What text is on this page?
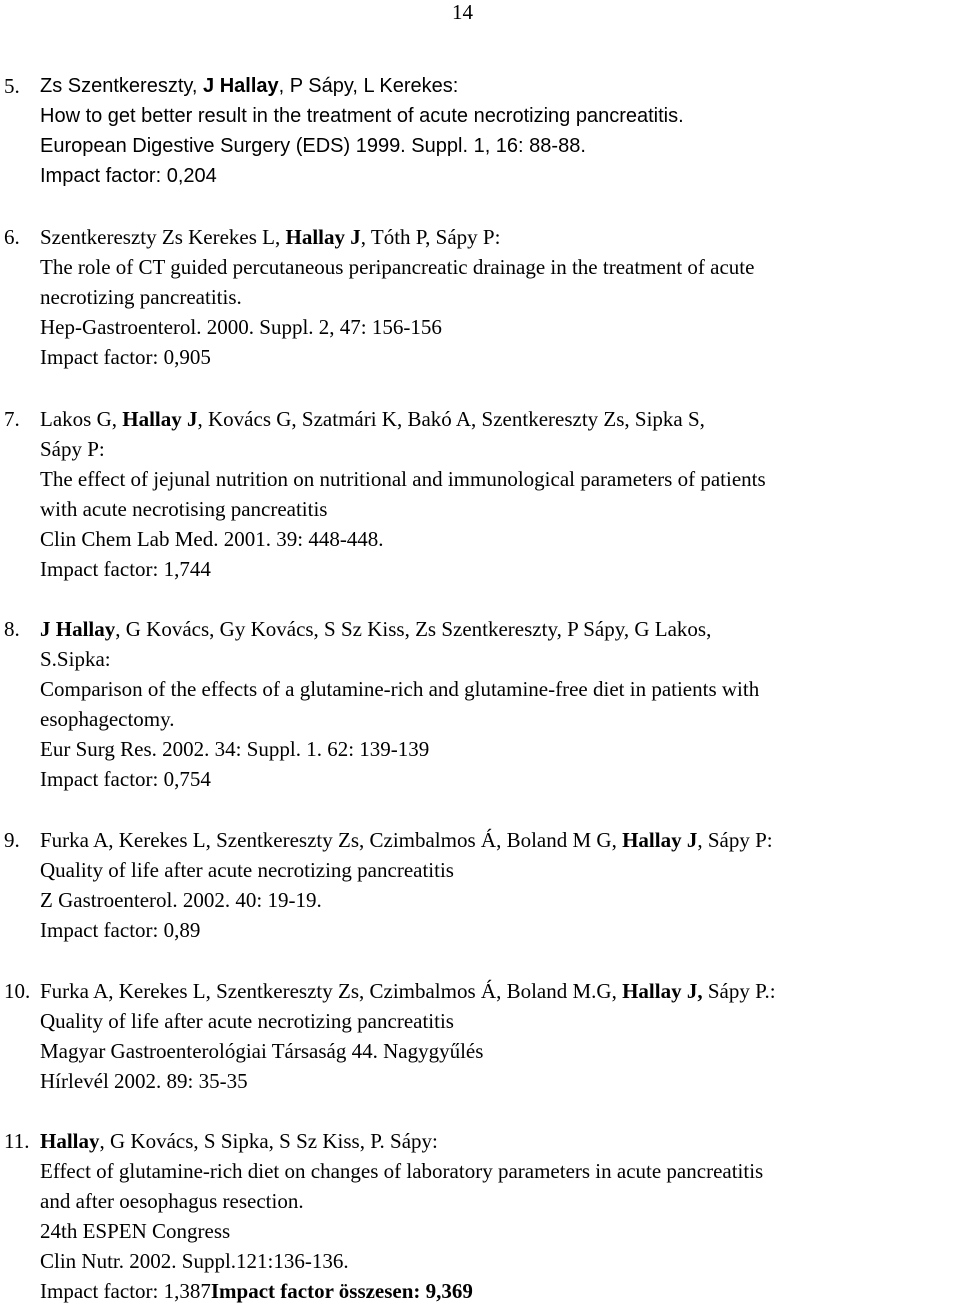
14
5. Zs Szentkereszty, J Hallay, P Sápy, L Kerekes:
How to get better result in the treatment of acute necrotizing pancreatitis.
European Digestive Surgery (EDS) 1999. Suppl. 1, 16: 88-88.
Impact factor: 0,204
6. Szentkereszty Zs Kerekes L, Hallay J, Tóth P, Sápy P:
The role of CT guided percutaneous peripancreatic drainage in the treatment of acute
necrotizing pancreatitis.
Hep-Gastroenterol. 2000. Suppl. 2, 47: 156-156
Impact factor: 0,905
7. Lakos G, Hallay J, Kovács G, Szatmári K, Bakó A, Szentkereszty Zs, Sipka S,
Sápy P:
The effect of jejunal nutrition on nutritional and immunological parameters of patients
with acute necrotising pancreatitis
Clin Chem Lab Med. 2001. 39: 448-448.
Impact factor: 1,744
8. J Hallay, G Kovács, Gy Kovács, S Sz Kiss, Zs Szentkereszty, P Sápy, G Lakos,
S.Sipka:
Comparison of the effects of a glutamine-rich and glutamine-free diet in patients with
esophagectomy.
Eur Surg Res. 2002. 34: Suppl. 1. 62: 139-139
Impact factor: 0,754
9. Furka A, Kerekes L, Szentkereszty Zs, Czimbalmos Á, Boland M G, Hallay J, Sápy P:
Quality of life after acute necrotizing pancreatitis
Z Gastroenterol. 2002. 40: 19-19.
Impact factor: 0,89
10. Furka A, Kerekes L, Szentkereszty Zs, Czimbalmos Á, Boland M.G, Hallay J, Sápy P.:
Quality of life after acute necrotizing pancreatitis
Magyar Gastroenterológiai Társaság 44. Nagygyűlés
Hírlevél 2002. 89: 35-35
11. Hallay, G Kovács, S Sipka, S Sz Kiss, P. Sápy:
Effect of glutamine-rich diet on changes of laboratory parameters in acute pancreatitis
and after oesophagus resection.
24th ESPEN Congress
Clin Nutr. 2002. Suppl.121:136-136.
Impact factor: 1,387Impact factor összesen: 9,369
